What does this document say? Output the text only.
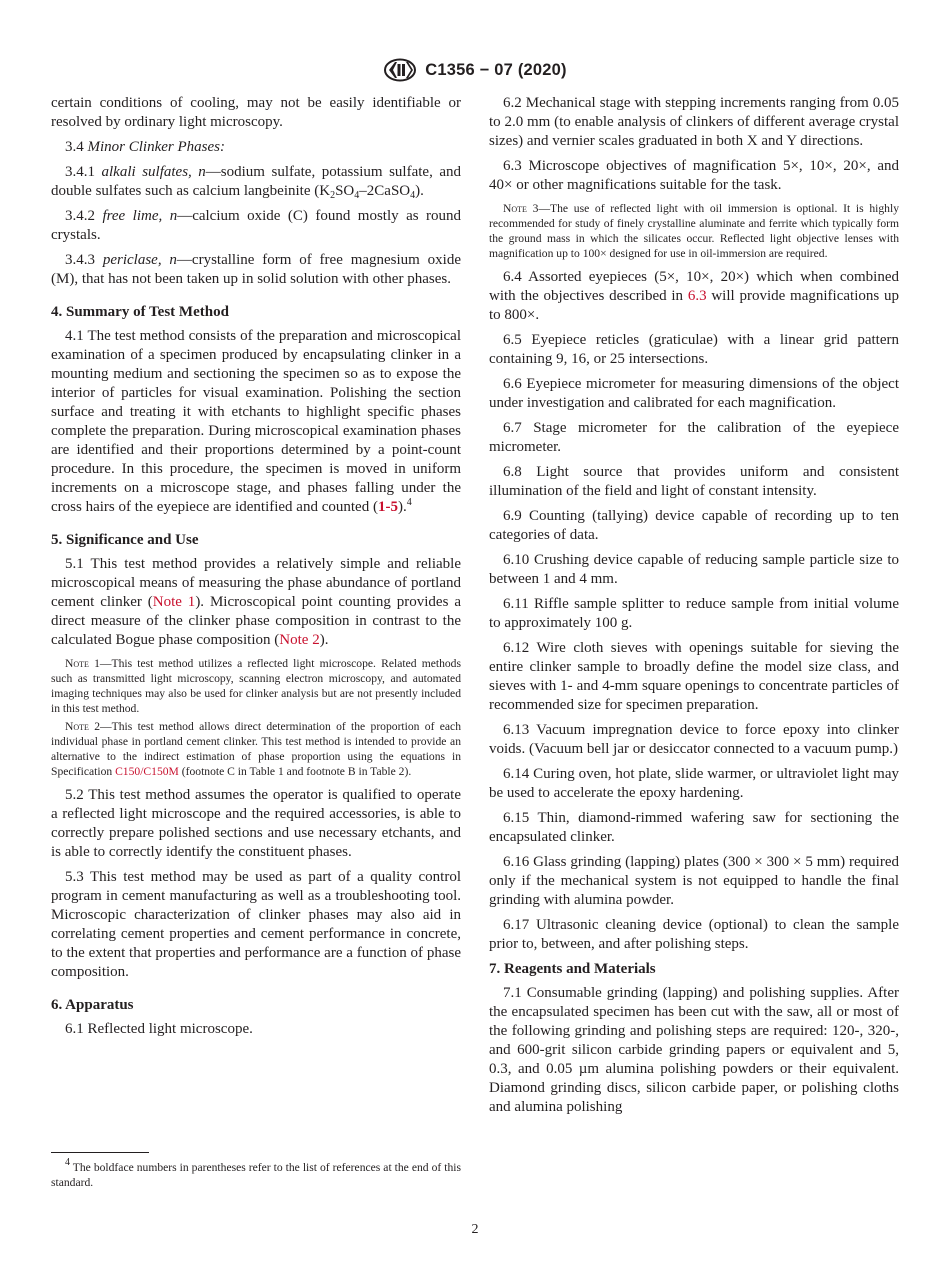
C1356 − 07 (2020)

certain conditions of cooling, may not be easily identifiable or resolved by ordinary light microscopy.

3.4 Minor Clinker Phases:

3.4.1 alkali sulfates, n—sodium sulfate, potassium sulfate, and double sulfates such as calcium langbeinite $(K_2SO_4-2CaSO_4)$.

3.4.2 free lime, n—calcium oxide (C) found mostly as round crystals.

3.4.3 periclase, n—crystalline form of free magnesium oxide (M), that has not been taken up in solid solution with other phases.

4. Summary of Test Method

4.1 The test method consists of the preparation and microscopical examination of a specimen produced by encapsulating clinker in a mounting medium and sectioning the specimen so as to expose the interior of particles for visual examination. Polishing the section surface and treating it with etchants to highlight specific phases complete the preparation. During microscopical examination phases are identified and their proportions determined by a point-count procedure. In this procedure, the specimen is moved in uniform increments on a microscope stage, and phases falling under the cross hairs of the eyepiece are identified and counted (1-5).$^4$

5. Significance and Use

5.1 This test method provides a relatively simple and reliable microscopical means of measuring the phase abundance of portland cement clinker (Note 1). Microscopical point counting provides a direct measure of the clinker phase composition in contrast to the calculated Bogue phase composition (Note 2).

Note 1—This test method utilizes a reflected light microscope. Related methods such as transmitted light microscopy, scanning electron microscopy, and automated imaging techniques may also be used for clinker analysis but are not presently included in this test method.
Note 2—This test method allows direct determination of the proportion of each individual phase in portland cement clinker. This test method is intended to provide an alternative to the indirect estimation of phase proportion using the equations in Specification C150/C150M (footnote C in Table 1 and footnote B in Table 2).

5.2 This test method assumes the operator is qualified to operate a reflected light microscope and the required accessories, is able to correctly prepare polished sections and use necessary etchants, and is able to correctly identify the constituent phases.

5.3 This test method may be used as part of a quality control program in cement manufacturing as well as a troubleshooting tool. Microscopic characterization of clinker phases may also aid in correlating cement properties and cement performance in concrete, to the extent that properties and performance are a function of phase composition.

6. Apparatus

6.1 Reflected light microscope.

6.2 Mechanical stage with stepping increments ranging from 0.05 to 2.0 mm (to enable analysis of clinkers of different average crystal sizes) and vernier scales graduated in both X and Y directions.

6.3 Microscope objectives of magnification 5×, 10×, 20×, and 40× or other magnifications suitable for the task.

Note 3—The use of reflected light with oil immersion is optional. It is highly recommended for study of finely crystalline aluminate and ferrite which typically form the ground mass in which the silicates occur. Reflected light objective lenses with magnification up to 100× designed for use in oil-immersion are required.

6.4 Assorted eyepieces (5×, 10×, 20×) which when combined with the objectives described in 6.3 will provide magnifications up to 800×.

6.5 Eyepiece reticles (graticulae) with a linear grid pattern containing 9, 16, or 25 intersections.

6.6 Eyepiece micrometer for measuring dimensions of the object under investigation and calibrated for each magnification.

6.7 Stage micrometer for the calibration of the eyepiece micrometer.

6.8 Light source that provides uniform and consistent illumination of the field and light of constant intensity.

6.9 Counting (tallying) device capable of recording up to ten categories of data.

6.10 Crushing device capable of reducing sample particle size to between 1 and 4 mm.

6.11 Riffle sample splitter to reduce sample from initial volume to approximately 100 g.

6.12 Wire cloth sieves with openings suitable for sieving the entire clinker sample to broadly define the model size class, and sieves with 1- and 4-mm square openings to concentrate particles of recommended size for specimen preparation.

6.13 Vacuum impregnation device to force epoxy into clinker voids. (Vacuum bell jar or desiccator connected to a vacuum pump.)

6.14 Curing oven, hot plate, slide warmer, or ultraviolet light may be used to accelerate the epoxy hardening.

6.15 Thin, diamond-rimmed wafering saw for sectioning the encapsulated clinker.

6.16 Glass grinding (lapping) plates (300 × 300 × 5 mm) required only if the mechanical system is not equipped to handle the final grinding with alumina powder.

6.17 Ultrasonic cleaning device (optional) to clean the sample prior to, between, and after polishing steps.

7. Reagents and Materials

7.1 Consumable grinding (lapping) and polishing supplies. After the encapsulated specimen has been cut with the saw, all or most of the following grinding and polishing steps are required: 120-, 320-, and 600-grit silicon carbide grinding papers or equivalent and 5, 0.3, and 0.05 µm alumina polishing powders or their equivalent. Diamond grinding discs, silicon carbide paper, or polishing cloths and alumina polishing

4 The boldface numbers in parentheses refer to the list of references at the end of this standard.
2
